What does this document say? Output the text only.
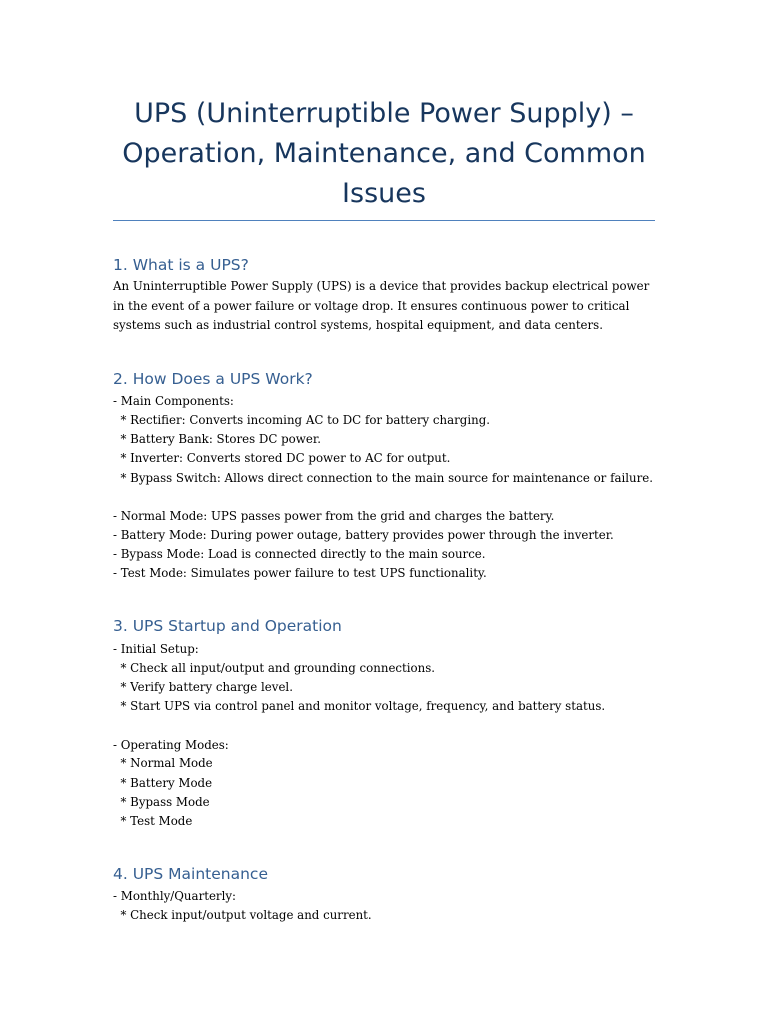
UPS (Uninterruptible Power Supply) – Operation, Maintenance, and Common Issues
1. What is a UPS?

An Uninterruptible Power Supply (UPS) is a device that provides backup electrical power in the event of a power failure or voltage drop. It ensures continuous power to critical systems such as industrial control systems, hospital equipment, and data centers.

2. How Does a UPS Work?
- Main Components:
* Rectifier: Converts incoming AC to DC for battery charging.
* Battery Bank: Stores DC power.
* Inverter: Converts stored DC power to AC for output.
* Bypass Switch: Allows direct connection to the main source for maintenance or failure.
- Normal Mode: UPS passes power from the grid and charges the battery.
- Battery Mode: During power outage, battery provides power through the inverter.
- Bypass Mode: Load is connected directly to the main source.
- Test Mode: Simulates power failure to test UPS functionality.
3. UPS Startup and Operation
- Initial Setup:
* Check all input/output and grounding connections.
* Verify battery charge level.
* Start UPS via control panel and monitor voltage, frequency, and battery status.
- Operating Modes:
* Normal Mode
* Battery Mode
* Bypass Mode
* Test Mode
4. UPS Maintenance
- Monthly/Quarterly:
* Check input/output voltage and current.
